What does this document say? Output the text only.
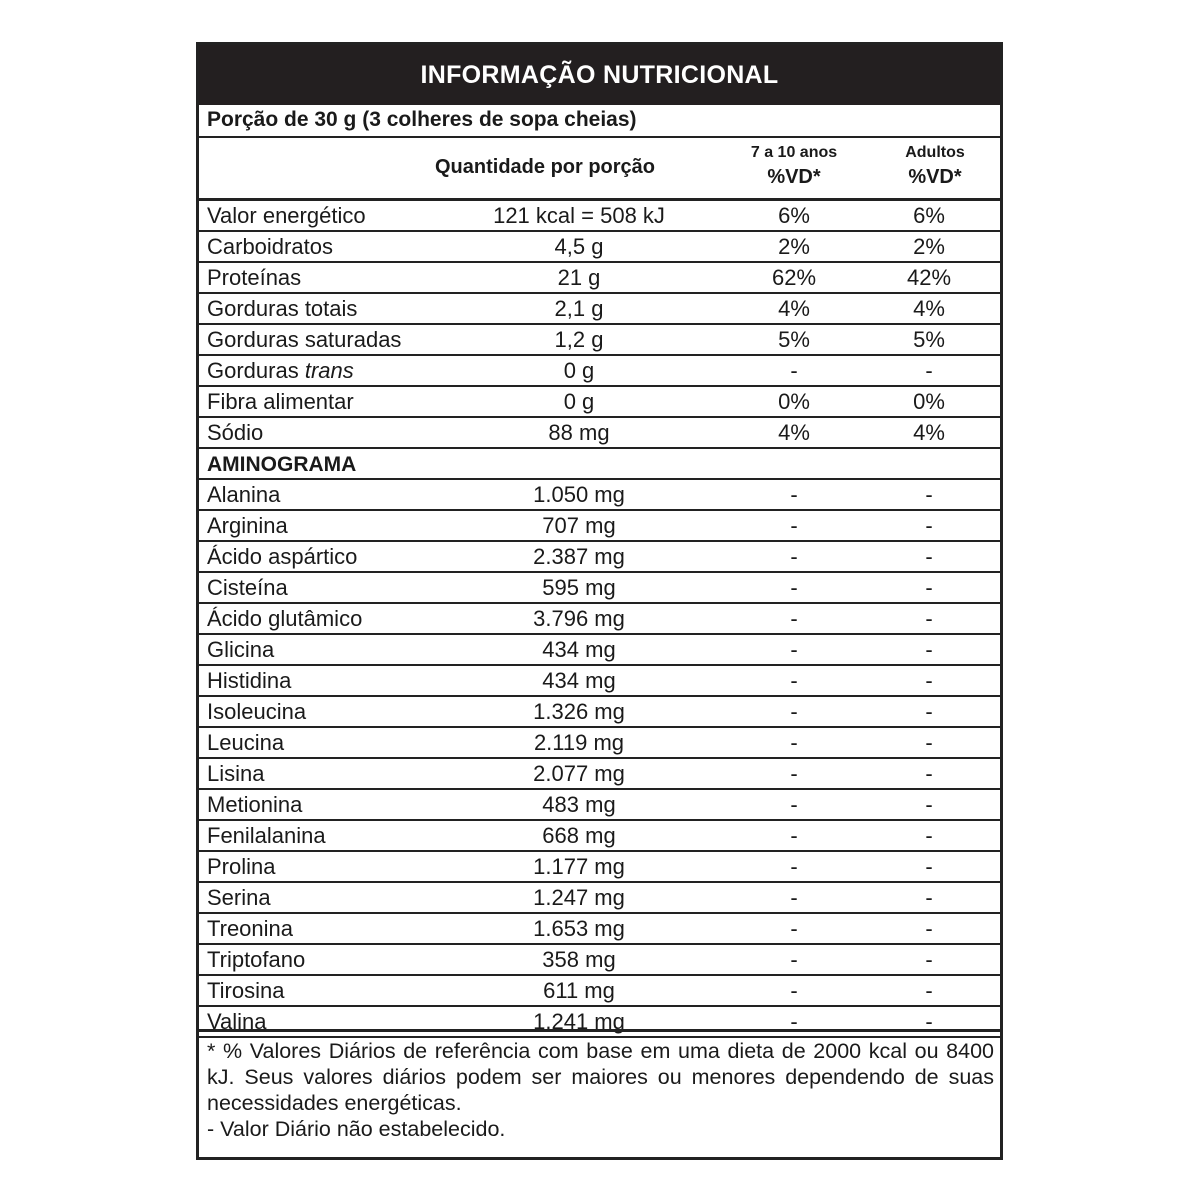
INFORMAÇÃO NUTRICIONAL
Porção de 30 g (3 colheres de sopa cheias)
Quantidade por porção
7 a 10 anos
%VD*
Adultos
%VD*
Valor energético	121 kcal = 508 kJ	6%	6%
Carboidratos	4,5 g	2%	2%
Proteínas	21 g	62%	42%
Gorduras totais	2,1 g	4%	4%
Gorduras saturadas	1,2 g	5%	5%
Gorduras trans	0 g	-	-
Fibra alimentar	0 g	0%	0%
Sódio	88 mg	4%	4%
AMINOGRAMA
Alanina	1.050 mg	-	-
Arginina	707 mg	-	-
Ácido aspártico	2.387 mg	-	-
Cisteína	595 mg	-	-
Ácido glutâmico	3.796 mg	-	-
Glicina	434 mg	-	-
Histidina	434 mg	-	-
Isoleucina	1.326 mg	-	-
Leucina	2.119 mg	-	-
Lisina	2.077 mg	-	-
Metionina	483 mg	-	-
Fenilalanina	668 mg	-	-
Prolina	1.177 mg	-	-
Serina	1.247 mg	-	-
Treonina	1.653 mg	-	-
Triptofano	358 mg	-	-
Tirosina	611 mg	-	-
Valina	1.241 mg	-	-

* % Valores Diários de referência com base em uma dieta de 2000 kcal ou 8400 kJ. Seus valores diários podem ser maiores ou menores dependendo de suas necessidades energéticas.

- Valor Diário não estabelecido.
